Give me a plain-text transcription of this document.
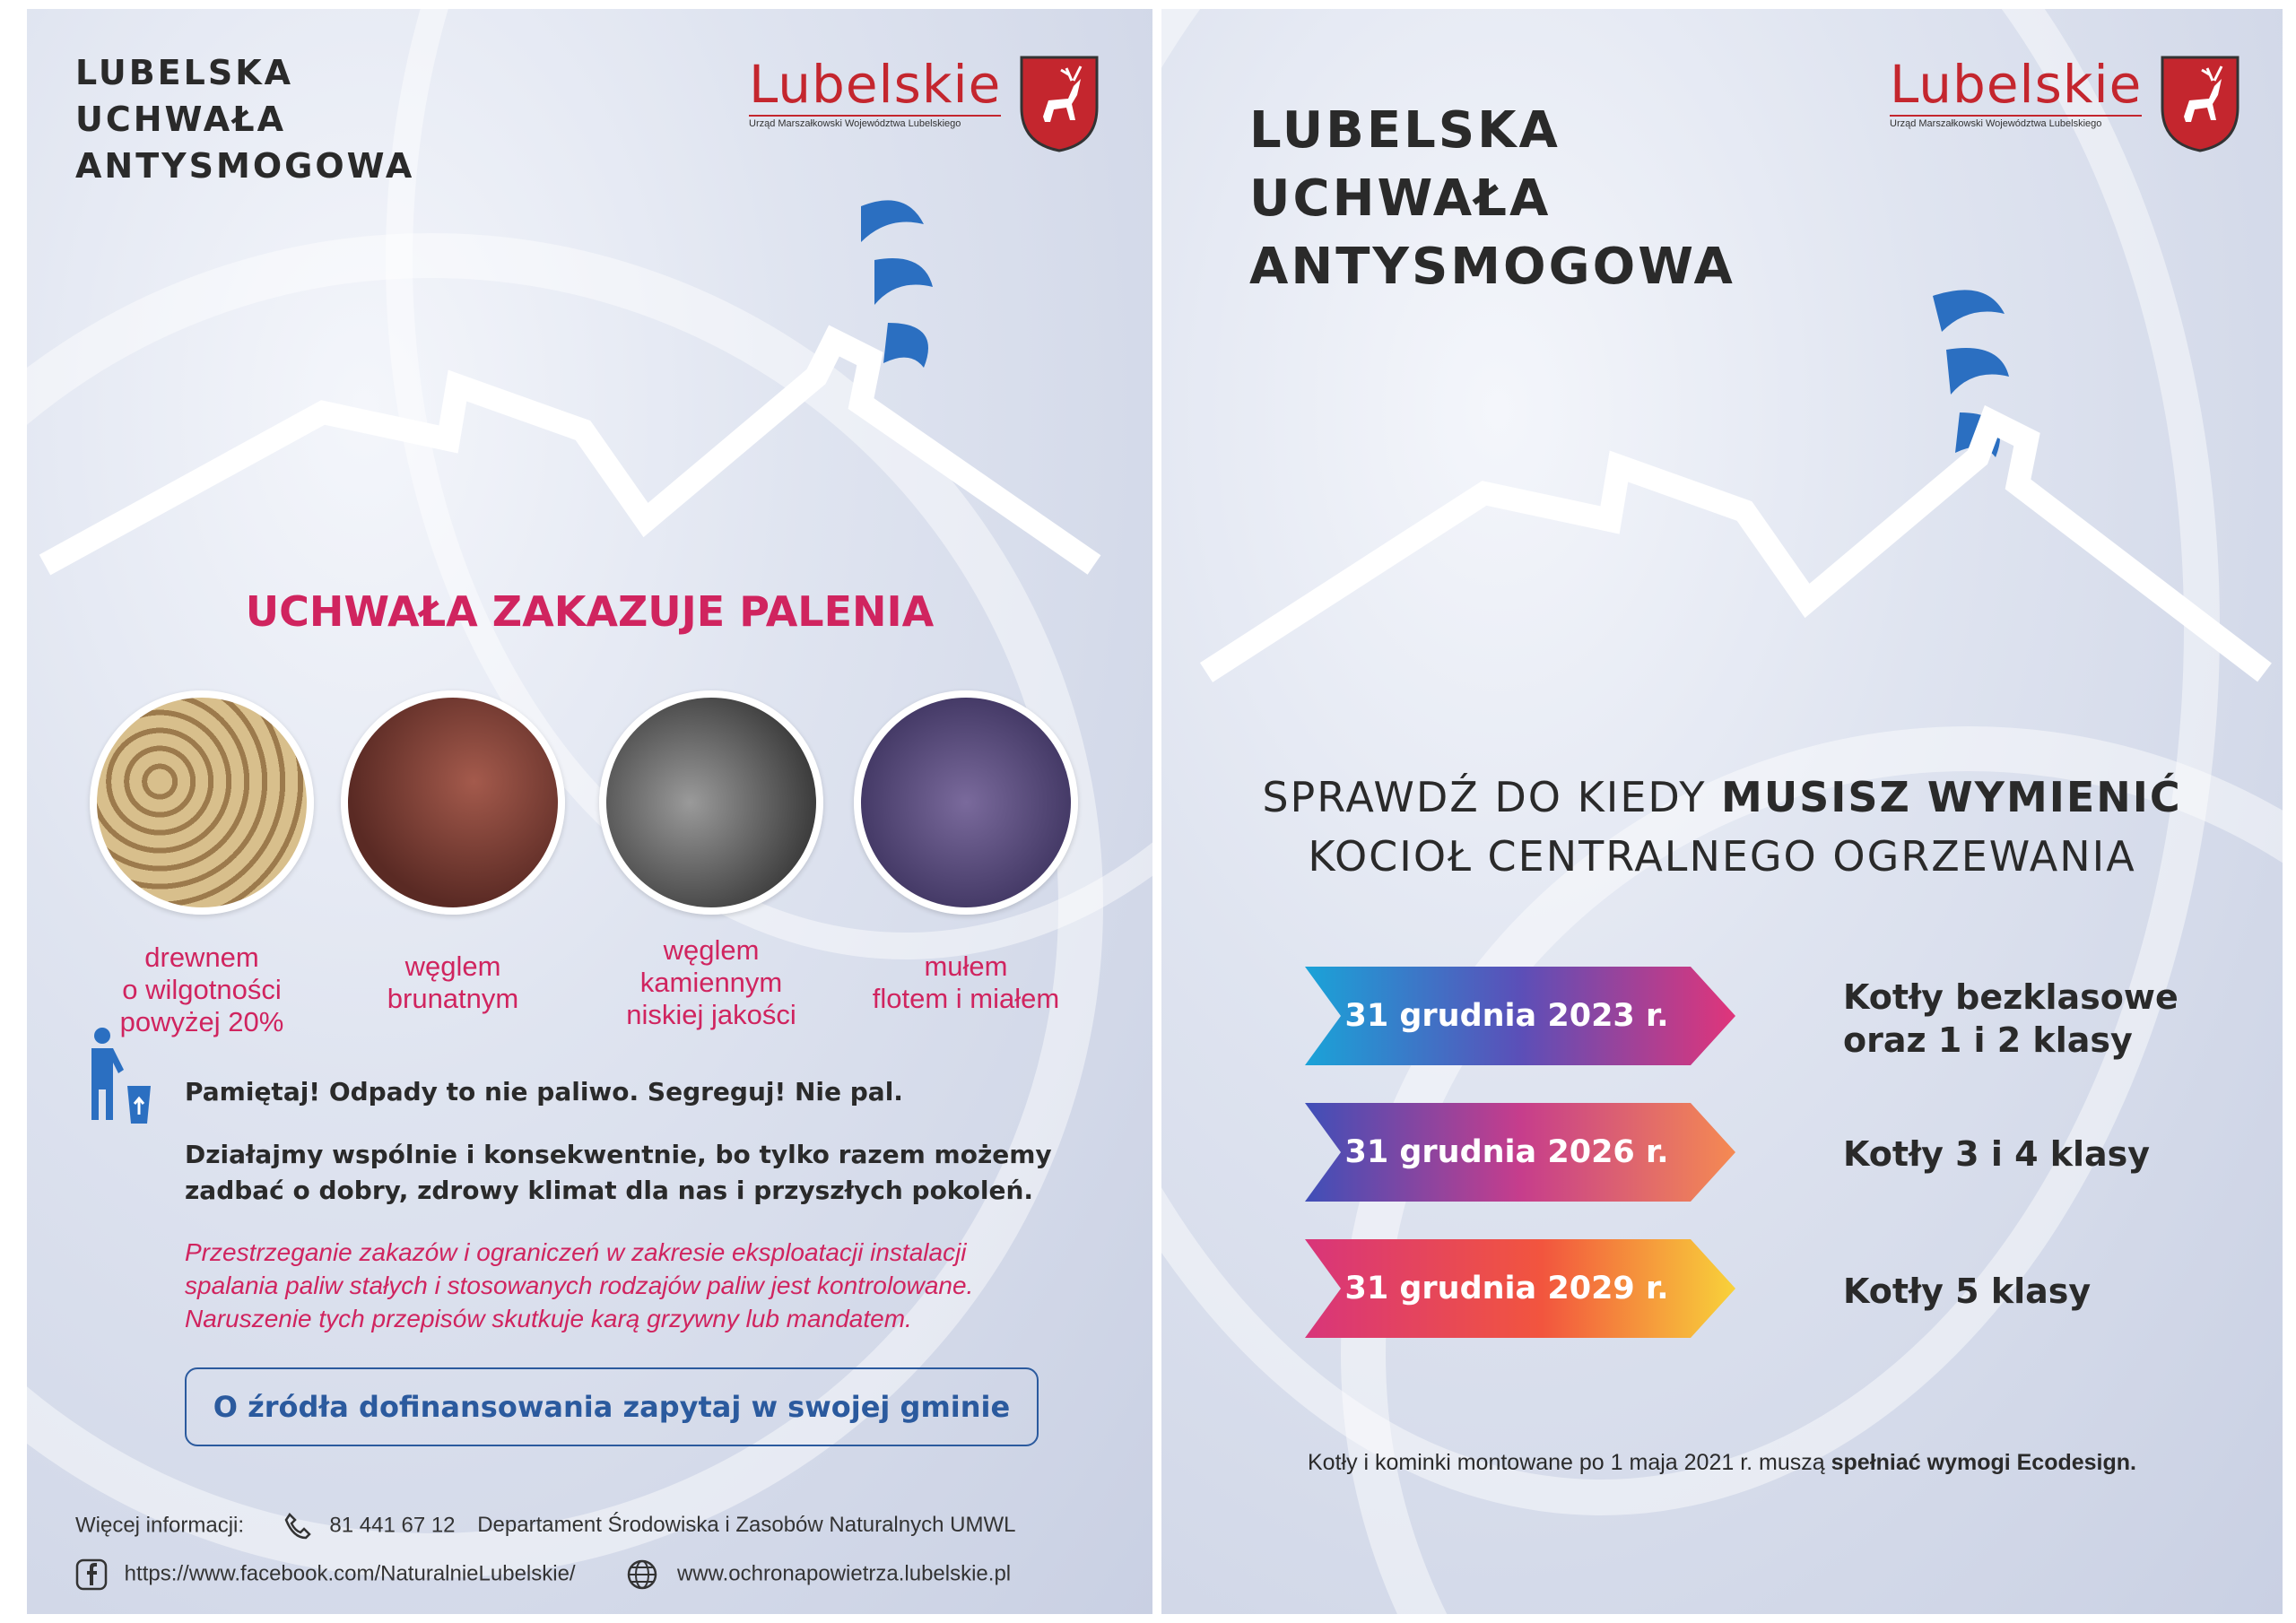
LUBELSKA
UCHWAŁA
ANTYSMOGOWA
Lubelskie
Urząd Marszałkowski Województwa Lubelskiego
UCHWAŁA ZAKAZUJE PALENIA
drewnem
o wilgotności
powyżej 20%
węglem
brunatnym
węglem
kamiennym
niskiej jakości
mułem
flotem i miałem
Pamiętaj! Odpady to nie paliwo. Segreguj! Nie pal.
Działajmy wspólnie i konsekwentnie, bo tylko razem możemy
zadbać o dobry, zdrowy klimat dla nas i przyszłych pokoleń.
Przestrzeganie zakazów i ograniczeń w zakresie eksploatacji instalacji
spalania paliw stałych i stosowanych rodzajów paliw jest kontrolowane.
Naruszenie tych przepisów skutkuje karą grzywny lub mandatem.
O źródła dofinansowania zapytaj w swojej gminie
Więcej informacji:	81 441 67 12 Departament Środowiska i Zasobów Naturalnych UMWL
https://www.facebook.com/NaturalnieLubelskie/	www.ochronapowietrza.lubelskie.pl
LUBELSKA
UCHWAŁA
ANTYSMOGOWA
Lubelskie
Urząd Marszałkowski Województwa Lubelskiego
SPRAWDŹ DO KIEDY MUSISZ WYMIENIĆ
KOCIOŁ CENTRALNEGO OGRZEWANIA
31 grudnia 2023 r.	Kotły bezklasowe
oraz 1 i 2 klasy
31 grudnia 2026 r.	Kotły 3 i 4 klasy
31 grudnia 2029 r.	Kotły 5 klasy
Kotły i kominki montowane po 1 maja 2021 r. muszą spełniać wymogi Ecodesign.
